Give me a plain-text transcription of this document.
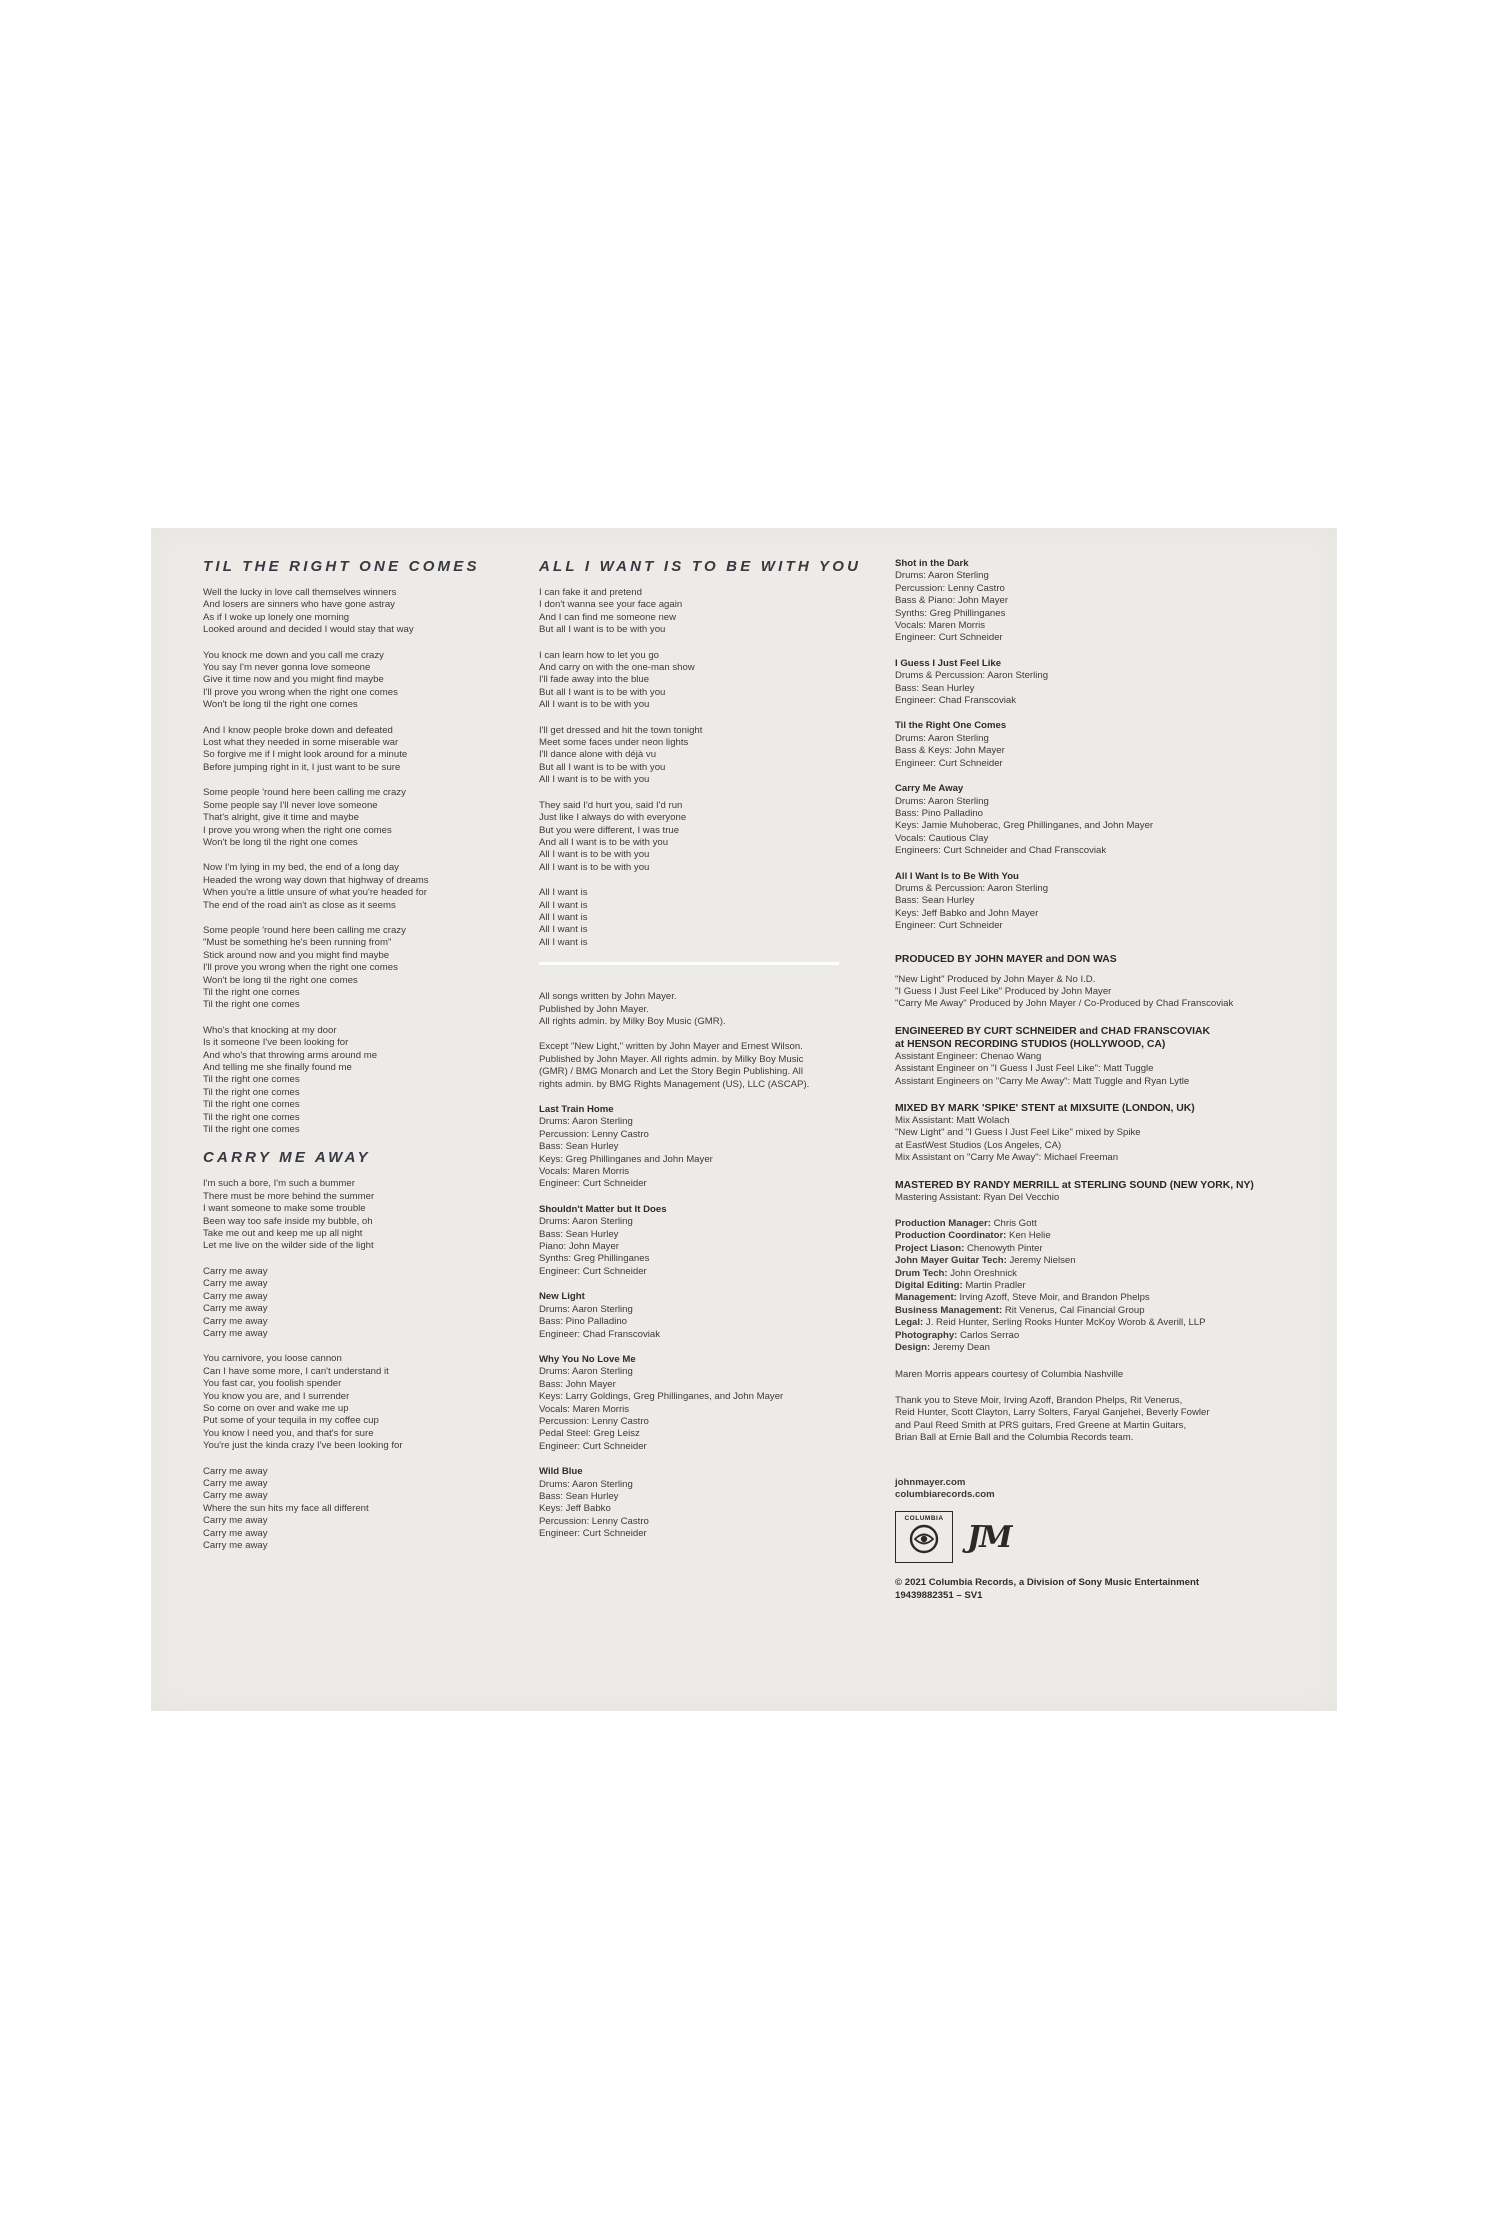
TIL THE RIGHT ONE COMES
Well the lucky in love call themselves winners
And losers are sinners who have gone astray
As if I woke up lonely one morning
Looked around and decided I would stay that way
You knock me down and you call me crazy
You say I'm never gonna love someone
Give it time now and you might find maybe
I'll prove you wrong when the right one comes
Won't be long til the right one comes
And I know people broke down and defeated
Lost what they needed in some miserable war
So forgive me if I might look around for a minute
Before jumping right in it, I just want to be sure
Some people 'round here been calling me crazy
Some people say I'll never love someone
That's alright, give it time and maybe
I prove you wrong when the right one comes
Won't be long til the right one comes
Now I'm lying in my bed, the end of a long day
Headed the wrong way down that highway of dreams
When you're a little unsure of what you're headed for
The end of the road ain't as close as it seems
Some people 'round here been calling me crazy
"Must be something he's been running from"
Stick around now and you might find maybe
I'll prove you wrong when the right one comes
Won't be long til the right one comes
Til the right one comes
Til the right one comes
Who's that knocking at my door
Is it someone I've been looking for
And who's that throwing arms around me
And telling me she finally found me
Til the right one comes
Til the right one comes
Til the right one comes
Til the right one comes
Til the right one comes
CARRY ME AWAY
I'm such a bore, I'm such a bummer
There must be more behind the summer
I want someone to make some trouble
Been way too safe inside my bubble, oh
Take me out and keep me up all night
Let me live on the wilder side of the light
Carry me away
Carry me away
Carry me away
Carry me away
Carry me away
Carry me away
You carnivore, you loose cannon
Can I have some more, I can't understand it
You fast car, you foolish spender
You know you are, and I surrender
So come on over and wake me up
Put some of your tequila in my coffee cup
You know I need you, and that's for sure
You're just the kinda crazy I've been looking for
Carry me away
Carry me away
Carry me away
Where the sun hits my face all different
Carry me away
Carry me away
Carry me away
ALL I WANT IS TO BE WITH YOU
I can fake it and pretend
I don't wanna see your face again
And I can find me someone new
But all I want is to be with you
I can learn how to let you go
And carry on with the one-man show
I'll fade away into the blue
But all I want is to be with you
All I want is to be with you
I'll get dressed and hit the town tonight
Meet some faces under neon lights
I'll dance alone with déjà vu
But all I want is to be with you
All I want is to be with you
They said I'd hurt you, said I'd run
Just like I always do with everyone
But you were different, I was true
And all I want is to be with you
All I want is to be with you
All I want is to be with you
All I want is
All I want is
All I want is
All I want is
All I want is
All songs written by John Mayer.
Published by John Mayer.
All rights admin. by Milky Boy Music (GMR).
Except "New Light," written by John Mayer and Ernest Wilson.
Published by John Mayer. All rights admin. by Milky Boy Music
(GMR) / BMG Monarch and Let the Story Begin Publishing. All
rights admin. by BMG Rights Management (US), LLC (ASCAP).
Last Train Home
Drums: Aaron Sterling
Percussion: Lenny Castro
Bass: Sean Hurley
Keys: Greg Phillinganes and John Mayer
Vocals: Maren Morris
Engineer: Curt Schneider
Shouldn't Matter but It Does
Drums: Aaron Sterling
Bass: Sean Hurley
Piano: John Mayer
Synths: Greg Phillinganes
Engineer: Curt Schneider
New Light
Drums: Aaron Sterling
Bass: Pino Palladino
Engineer: Chad Franscoviak
Why You No Love Me
Drums: Aaron Sterling
Bass: John Mayer
Keys: Larry Goldings, Greg Phillinganes, and John Mayer
Vocals: Maren Morris
Percussion: Lenny Castro
Pedal Steel: Greg Leisz
Engineer: Curt Schneider
Wild Blue
Drums: Aaron Sterling
Bass: Sean Hurley
Keys: Jeff Babko
Percussion: Lenny Castro
Engineer: Curt Schneider
Shot in the Dark
Drums: Aaron Sterling
Percussion: Lenny Castro
Bass & Piano: John Mayer
Synths: Greg Phillinganes
Vocals: Maren Morris
Engineer: Curt Schneider
I Guess I Just Feel Like
Drums & Percussion: Aaron Sterling
Bass: Sean Hurley
Engineer: Chad Franscoviak
Til the Right One Comes
Drums: Aaron Sterling
Bass & Keys: John Mayer
Engineer: Curt Schneider
Carry Me Away
Drums: Aaron Sterling
Bass: Pino Palladino
Keys: Jamie Muhoberac, Greg Phillinganes, and John Mayer
Vocals: Cautious Clay
Engineers: Curt Schneider and Chad Franscoviak
All I Want Is to Be With You
Drums & Percussion: Aaron Sterling
Bass: Sean Hurley
Keys: Jeff Babko and John Mayer
Engineer: Curt Schneider
PRODUCED BY JOHN MAYER and DON WAS
"New Light" Produced by John Mayer & No I.D.
"I Guess I Just Feel Like" Produced by John Mayer
"Carry Me Away" Produced by John Mayer / Co-Produced by Chad Franscoviak
ENGINEERED BY CURT SCHNEIDER and CHAD FRANSCOVIAK
at HENSON RECORDING STUDIOS (HOLLYWOOD, CA)
Assistant Engineer: Chenao Wang
Assistant Engineer on "I Guess I Just Feel Like": Matt Tuggle
Assistant Engineers on "Carry Me Away": Matt Tuggle and Ryan Lytle
MIXED BY MARK 'SPIKE' STENT at MIXSUITE (LONDON, UK)
Mix Assistant: Matt Wolach
"New Light" and "I Guess I Just Feel Like" mixed by Spike
at EastWest Studios (Los Angeles, CA)
Mix Assistant on "Carry Me Away": Michael Freeman
MASTERED BY RANDY MERRILL at STERLING SOUND (NEW YORK, NY)
Mastering Assistant: Ryan Del Vecchio
Production Manager: Chris Gott
Production Coordinator: Ken Helie
Project Liason: Chenowyth Pinter
John Mayer Guitar Tech: Jeremy Nielsen
Drum Tech: John Oreshnick
Digital Editing: Martin Pradler
Management: Irving Azoff, Steve Moir, and Brandon Phelps
Business Management: Rit Venerus, Cal Financial Group
Legal: J. Reid Hunter, Serling Rooks Hunter McKoy Worob & Averill, LLP
Photography: Carlos Serrao
Design: Jeremy Dean
Maren Morris appears courtesy of Columbia Nashville
Thank you to Steve Moir, Irving Azoff, Brandon Phelps, Rit Venerus,
Reid Hunter, Scott Clayton, Larry Solters, Faryal Ganjehei, Beverly Fowler
and Paul Reed Smith at PRS guitars, Fred Greene at Martin Guitars,
Brian Ball at Ernie Ball and the Columbia Records team.
johnmayer.com
columbiarecords.com
COLUMBIA
JM
© 2021 Columbia Records, a Division of Sony Music Entertainment
19439882351 – SV1
